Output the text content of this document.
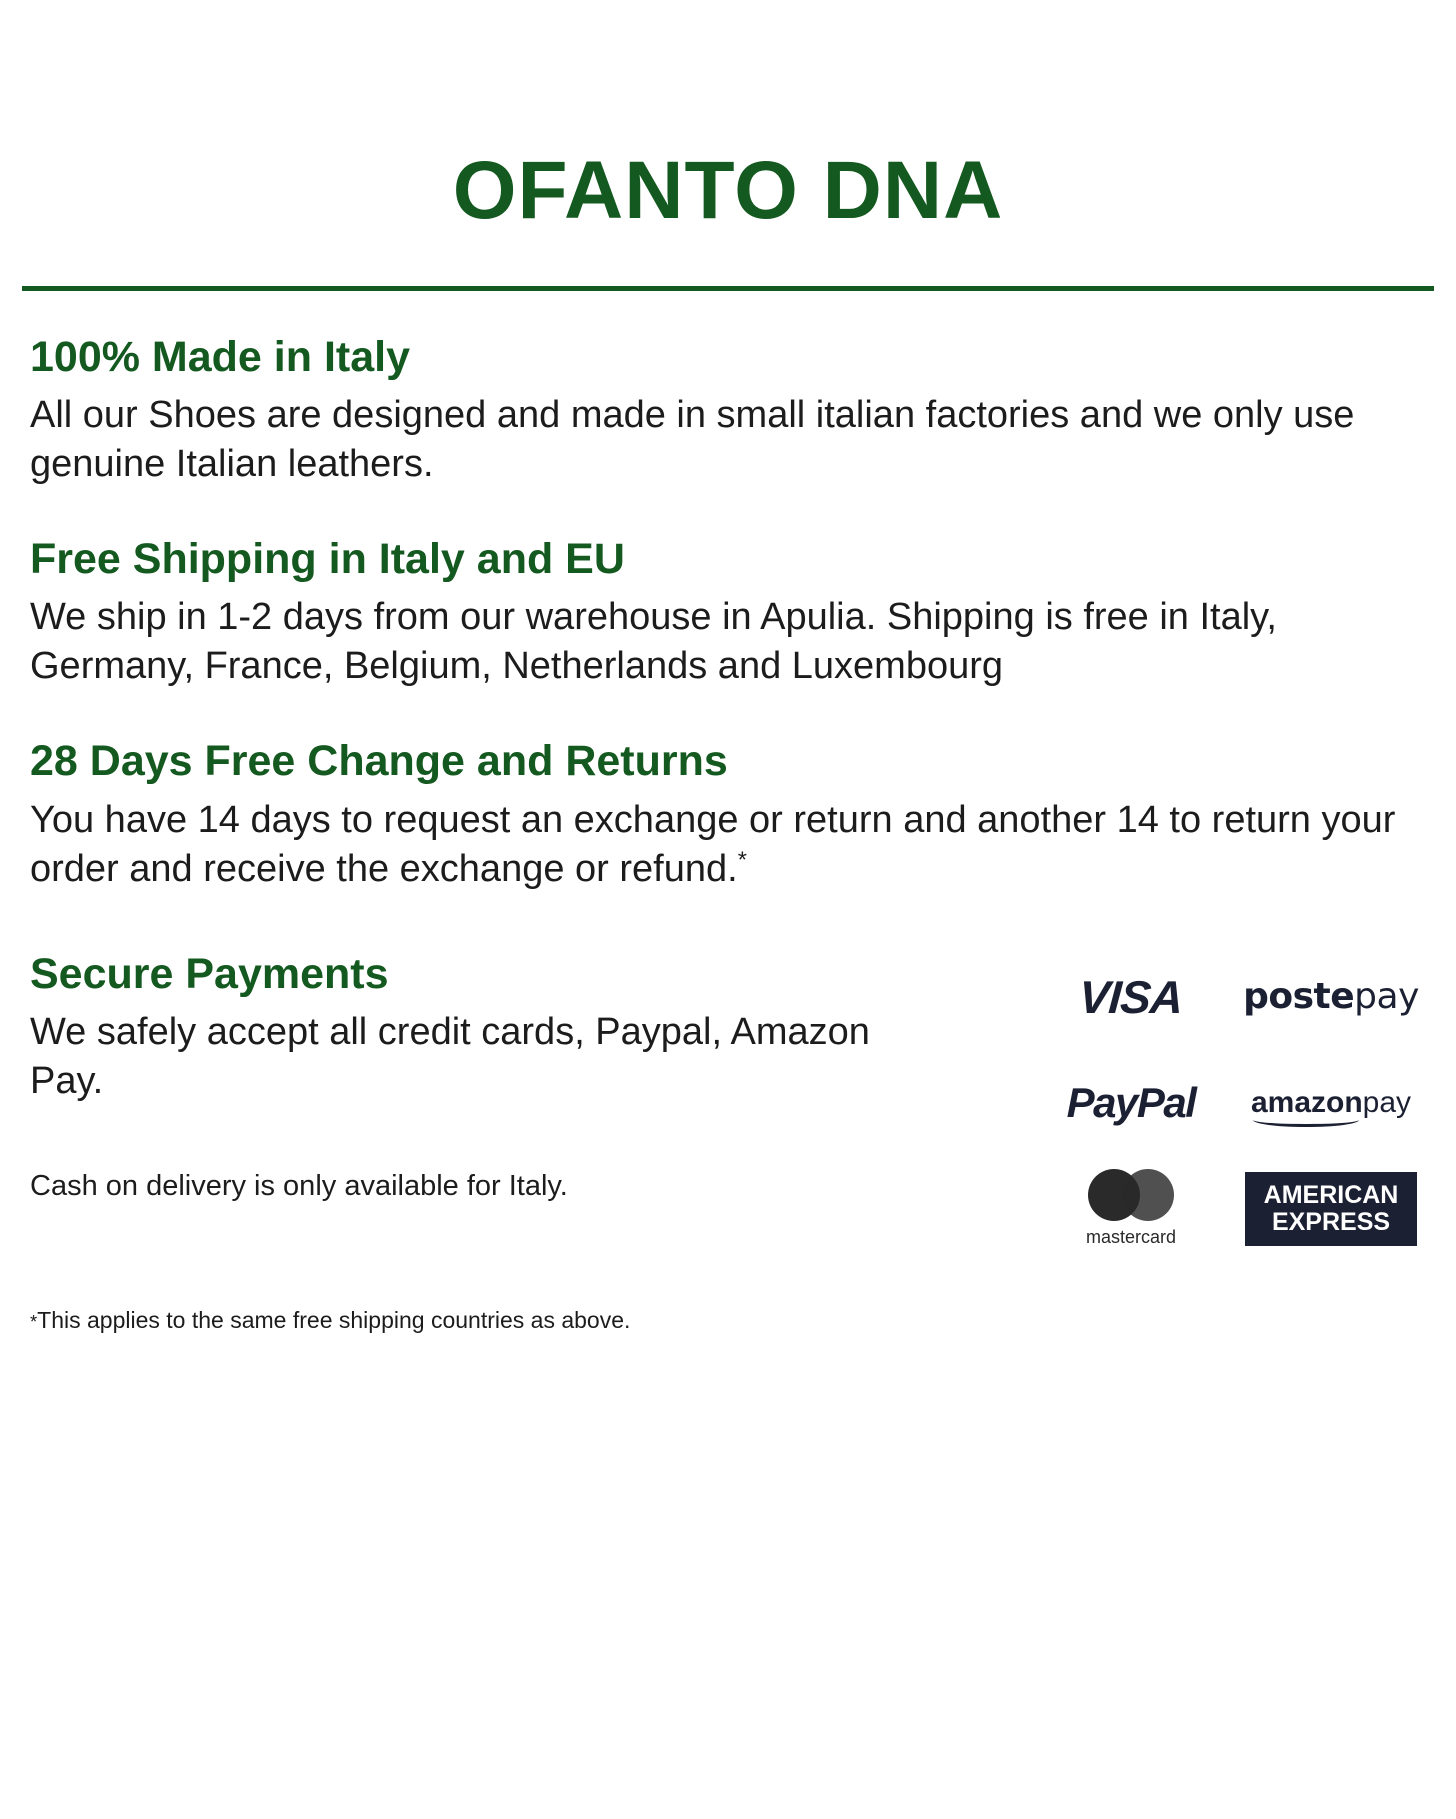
OFANTO DNA
100% Made in Italy

All our Shoes are designed and made in small italian factories and we only use genuine Italian leathers.

Free Shipping in Italy and EU

We ship in 1-2 days from our warehouse in Apulia. Shipping is free in Italy, Germany, France, Belgium, Netherlands and Luxembourg

28 Days Free Change and Returns

You have 14 days to request an exchange or return and another 14 to return your order and receive the exchange or refund.*

Secure Payments

We safely accept all credit cards, Paypal, Amazon Pay.

Cash on delivery is only available for Italy.

VISA postepay
PayPal amazonpay
mastercard
AMERICAN
EXPRESS

*This applies to the same free shipping countries as above.
